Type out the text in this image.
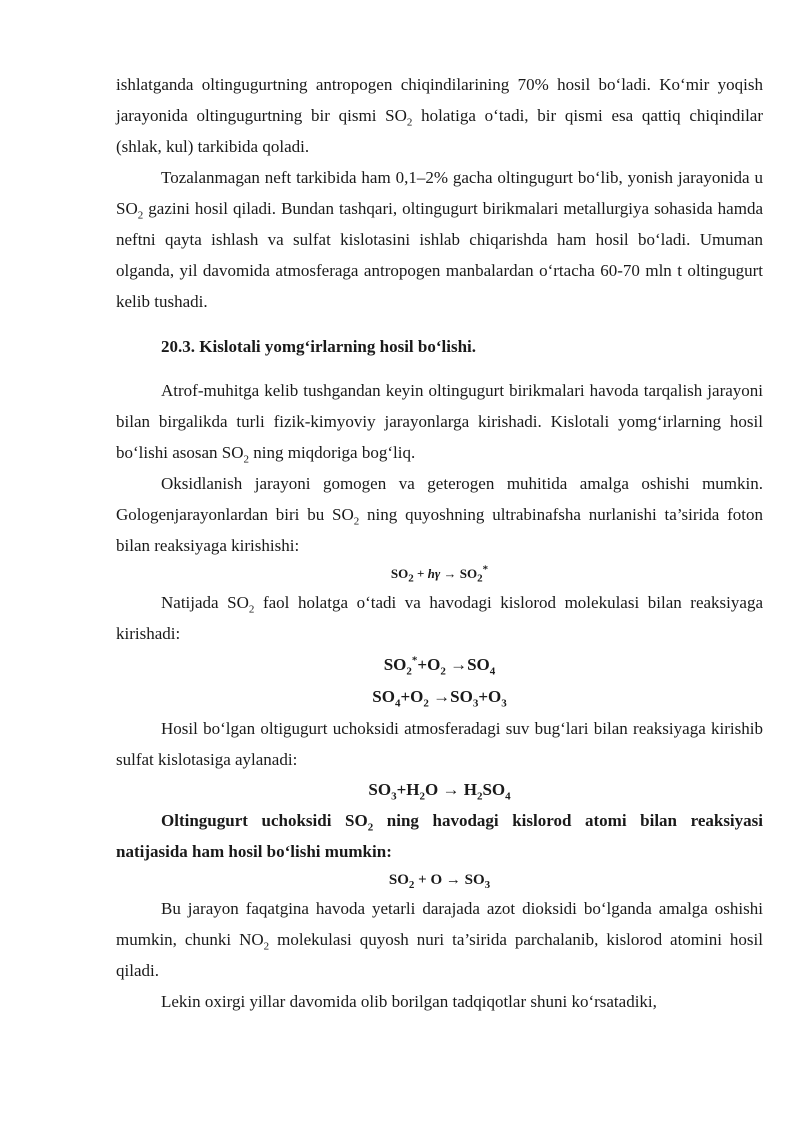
ishlatganda oltingugurtning antropogen chiqindilarining 70% hosil boʻladi. Koʻmir yoqish jarayonida oltingugurtning bir qismi $SO_2$ holatiga oʻtadi, bir qismi esa qattiq chiqindilar (shlak, kul) tarkibida qoladi.

Tozalanmagan neft tarkibida ham 0,1–2% gacha oltingugurt boʻlib, yonish jarayonida u $SO_2$ gazini hosil qiladi. Bundan tashqari, oltingugurt birikmalari metallurgiya sohasida hamda neftni qayta ishlash va sulfat kislotasini ishlab chiqarishda ham hosil boʻladi. Umuman olganda, yil davomida atmosferaga antropogen manbalardan oʻrtacha 60-70 mln t oltingugurt kelib tushadi.

20.3. Kislotali yomgʻirlarning hosil boʻlishi.

Atrof-muhitga kelib tushgandan keyin oltingugurt birikmalari havoda tarqalish jarayoni bilan birgalikda turli fizik-kimyoviy jarayonlarga kirishadi. Kislotali yomgʻirlarning hosil boʻlishi asosan $SO_2$ ning miqdoriga bogʻliq.

Oksidlanish jarayoni gomogen va geterogen muhitida amalga oshishi mumkin. Gologenjarayonlardan biri bu $SO_2$ ning quyoshning ultrabinafsha nurlanishi ta’sirida foton bilan reaksiyaga kirishishi:

$SO_2 + h\gamma \to SO_2^*$

Natijada $SO_2$ faol holatga oʻtadi va havodagi kislorod molekulasi bilan reaksiyaga kirishadi:

$SO_2^*+O_2 \to SO_4$

$SO_4+O_2 \to SO_3+O_3$

Hosil boʻlgan oltigugurt uchoksidi atmosferadagi suv bugʻlari bilan reaksiyaga kirishib sulfat kislotasiga aylanadi:

$SO_3+H_2O \to H_2SO_4$

Oltingugurt uchoksidi $SO_2$ ning havodagi kislorod atomi bilan reaksiyasi natijasida ham hosil boʻlishi mumkin:

$SO_2 + O \to SO_3$

Bu jarayon faqatgina havoda yetarli darajada azot dioksidi boʻlganda amalga oshishi mumkin, chunki $NO_2$ molekulasi quyosh nuri ta’sirida parchalanib, kislorod atomini hosil qiladi.

Lekin oxirgi yillar davomida olib borilgan tadqiqotlar shuni koʻrsatadiki,
